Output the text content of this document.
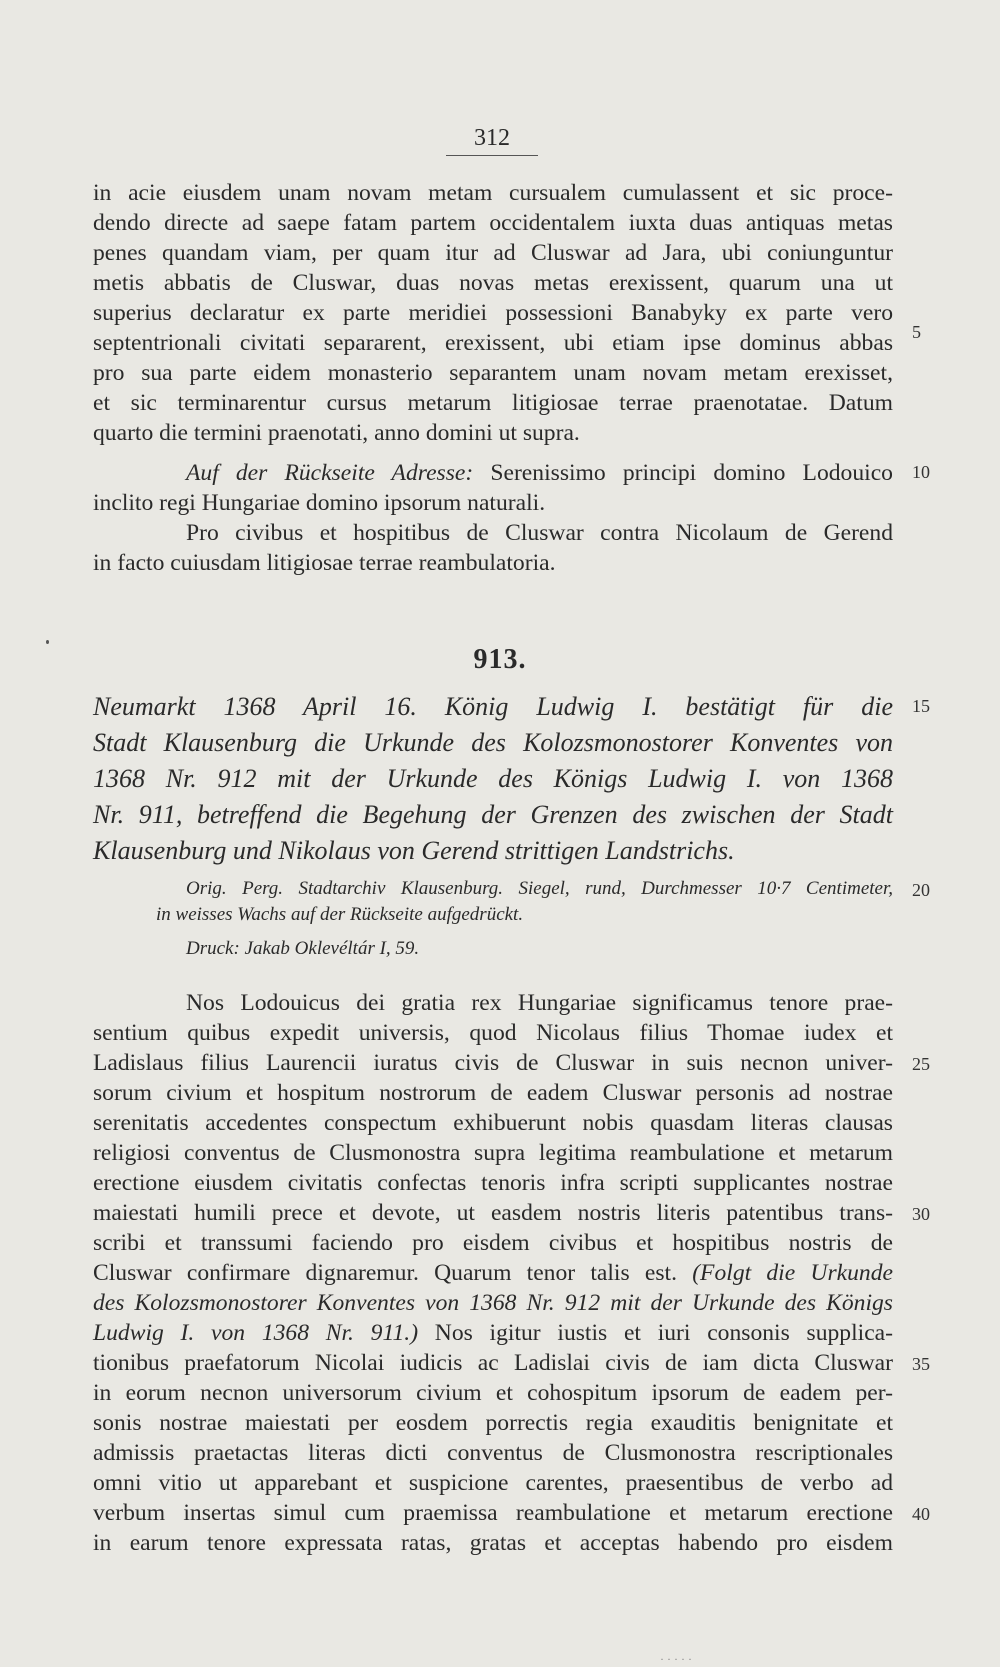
312
in acie eiusdem unam novam metam cursualem cumulassent et sic proce-
dendo directe ad saepe fatam partem occidentalem iuxta duas antiquas metas
penes quandam viam, per quam itur ad Cluswar ad Jara, ubi coniunguntur
metis abbatis de Cluswar, duas novas metas erexissent, quarum una ut
superius declaratur ex parte meridiei possessioni Banabyky ex parte vero
septentrionali civitati separarent, erexissent, ubi etiam ipse dominus abbas
pro sua parte eidem monasterio separantem unam novam metam erexisset,
et sic terminarentur cursus metarum litigiosae terrae praenotatae. Datum
quarto die termini praenotati, anno domini ut supra.
Auf der Rückseite Adresse: Serenissimo principi domino Lodouico
inclito regi Hungariae domino ipsorum naturali.
Pro civibus et hospitibus de Cluswar contra Nicolaum de Gerend
in facto cuiusdam litigiosae terrae reambulatoria.
913.
Neumarkt 1368 April 16. König Ludwig I. bestätigt für die
Stadt Klausenburg die Urkunde des Kolozsmonostorer Konventes von
1368 Nr. 912 mit der Urkunde des Königs Ludwig I. von 1368
Nr. 911, betreffend die Begehung der Grenzen des zwischen der Stadt
Klausenburg und Nikolaus von Gerend strittigen Landstrichs.
Orig. Perg. Stadtarchiv Klausenburg. Siegel, rund, Durchmesser 10·7 Centimeter,
in weisses Wachs auf der Rückseite aufgedrückt.
Druck: Jakab Oklevéltár I, 59.
Nos Lodouicus dei gratia rex Hungariae significamus tenore prae-
sentium quibus expedit universis, quod Nicolaus filius Thomae iudex et
Ladislaus filius Laurencii iuratus civis de Cluswar in suis necnon univer-
sorum civium et hospitum nostrorum de eadem Cluswar personis ad nostrae
serenitatis accedentes conspectum exhibuerunt nobis quasdam literas clausas
religiosi conventus de Clusmonostra supra legitima reambulatione et metarum
erectione eiusdem civitatis confectas tenoris infra scripti supplicantes nostrae
maiestati humili prece et devote, ut easdem nostris literis patentibus trans-
scribi et transsumi faciendo pro eisdem civibus et hospitibus nostris de
Cluswar confirmare dignaremur. Quarum tenor talis est. (Folgt die Urkunde
des Kolozsmonostorer Konventes von 1368 Nr. 912 mit der Urkunde des Königs
Ludwig I. von 1368 Nr. 911.) Nos igitur iustis et iuri consonis supplica-
tionibus praefatorum Nicolai iudicis ac Ladislai civis de iam dicta Cluswar
in eorum necnon universorum civium et cohospitum ipsorum de eadem per-
sonis nostrae maiestati per eosdem porrectis regia exauditis benignitate et
admissis praetactas literas dicti conventus de Clusmonostra rescriptionales
omni vitio ut apparebant et suspicione carentes, praesentibus de verbo ad
verbum insertas simul cum praemissa reambulatione et metarum erectione
in earum tenore expressata ratas, gratas et acceptas habendo pro eisdem
5
10
15
20
25
30
35
40
· · · · ·
